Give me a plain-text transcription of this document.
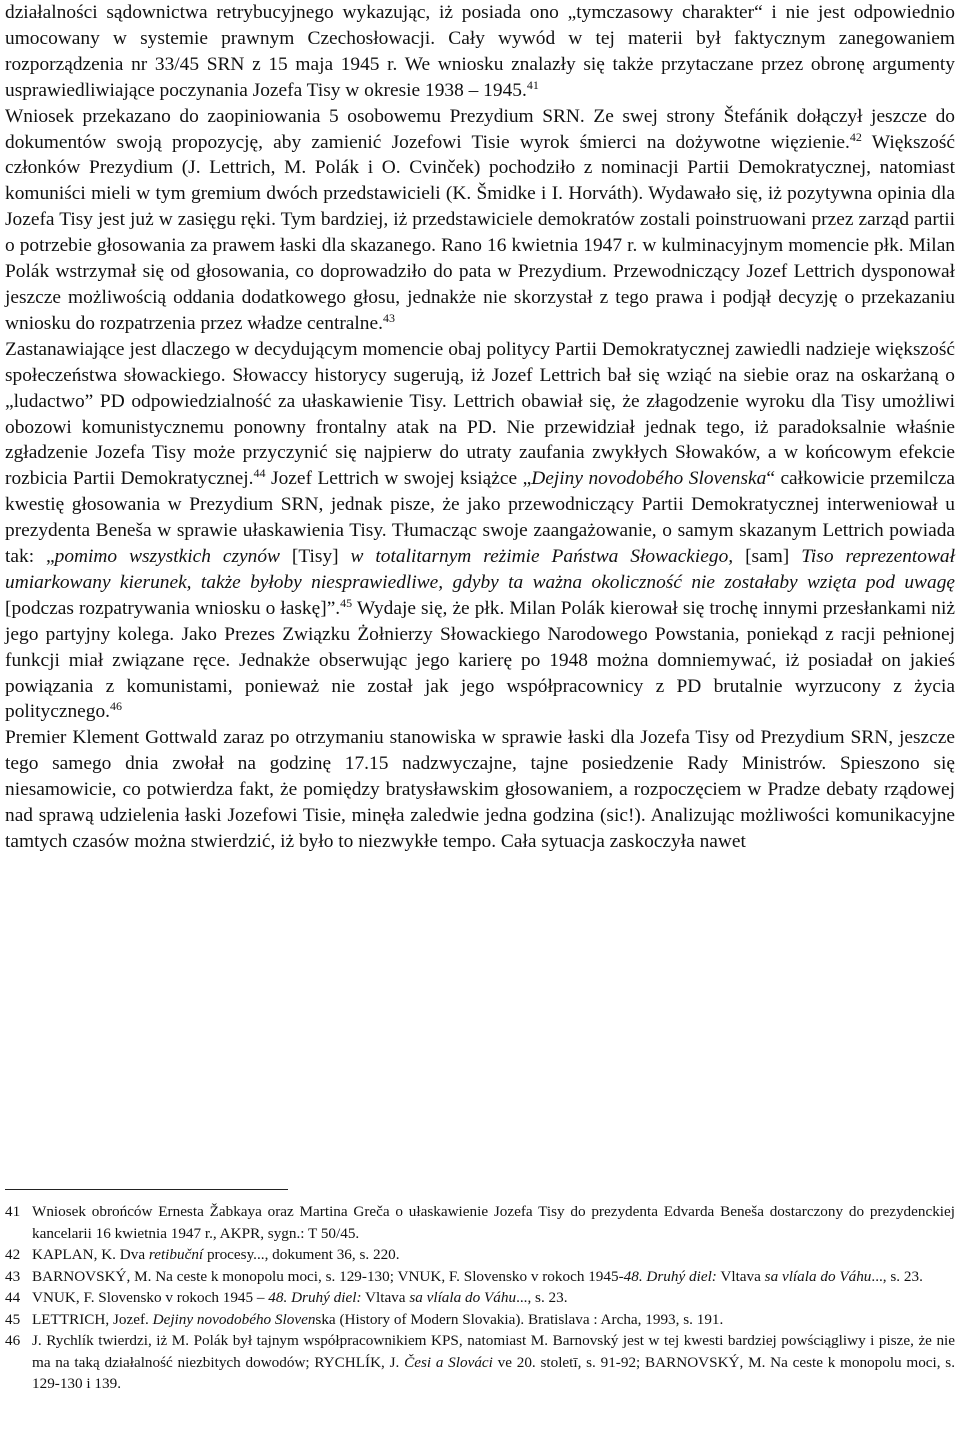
działalności sądownictwa retrybucyjnego wykazując, iż posiada ono „tymczasowy charakter“ i nie jest odpowiednio umocowany w systemie prawnym Czechosłowacji. Cały wywód w tej materii był faktycznym zanegowaniem rozporządzenia nr 33/45 SRN z 15 maja 1945 r. We wniosku znalazły się także przytaczane przez obronę argumenty usprawiedliwiające poczynania Jozefa Tisy w okresie 1938 – 1945.41

Wniosek przekazano do zaopiniowania 5 osobowemu Prezydium SRN. Ze swej strony Štefánik dołączył jeszcze do dokumentów swoją propozycję, aby zamienić Jozefowi Tisie wyrok śmierci na dożywotne więzienie.$^{42}$ Większość członków Prezydium (J. Lettrich, M. Polák i O. Cvinček) pochodziło z nominacji Partii Demokratycznej, natomiast komuniści mieli w tym gremium dwóch przedstawicieli (K. Šmidke i I. Horváth). Wydawało się, iż pozytywna opinia dla Jozefa Tisy jest już w zasięgu ręki. Tym bardziej, iż przedstawiciele demokratów zostali poinstruowani przez zarząd partii o potrzebie głosowania za prawem łaski dla skazanego. Rano 16 kwietnia 1947 r. w kulminacyjnym momencie płk. Milan Polák wstrzymał się od głosowania, co doprowadziło do pata w Prezydium. Przewodniczący Jozef Lettrich dysponował jeszcze możliwością oddania dodatkowego głosu, jednakże nie skorzystał z tego prawa i podjął decyzję o przekazaniu wniosku do rozpatrzenia przez władze centralne.$^{43}$

Zastanawiające jest dlaczego w decydującym momencie obaj politycy Partii Demokratycznej zawiedli nadzieje większość społeczeństwa słowackiego. Słowaccy historycy sugerują, iż Jozef Lettrich bał się wziąć na siebie oraz na oskarżaną o „ludactwo” PD odpowiedzialność za ułaskawienie Tisy. Lettrich obawiał się, że złagodzenie wyroku dla Tisy umożliwi obozowi komunistycznemu ponowny frontalny atak na PD. Nie przewidział jednak tego, iż paradoksalnie właśnie zgładzenie Jozefa Tisy może przyczynić się najpierw do utraty zaufania zwykłych Słowaków, a w końcowym efekcie rozbicia Partii Demokratycznej.$^{44}$ Jozef Lettrich w swojej książce „Dejiny novodobého Slovenska“ całkowicie przemilcza kwestię głosowania w Prezydium SRN, jednak pisze, że jako przewodniczący Partii Demokratycznej interweniował u prezydenta Beneša w sprawie ułaskawienia Tisy. Tłumacząc swoje zaangażowanie, o samym skazanym Lettrich powiada tak: „pomimo wszystkich czynów [Tisy] w totalitarnym reżimie Państwa Słowackiego, [sam] Tiso reprezentował umiarkowany kierunek, także byłoby niesprawiedliwe, gdyby ta ważna okoliczność nie zostałaby wzięta pod uwagę [podczas rozpatrywania wniosku o łaskę]”.$^{45}$ Wydaje się, że płk. Milan Polák kierował się trochę innymi przesłankami niż jego partyjny kolega. Jako Prezes Związku Żołnierzy Słowackiego Narodowego Powstania, poniekąd z racji pełnionej funkcji miał związane ręce. Jednakże obserwując jego karierę po 1948 można domniemywać, iż posiadał on jakieś powiązania z komunistami, ponieważ nie został jak jego współpracownicy z PD brutalnie wyrzucony z życia politycznego.$^{46}$

Premier Klement Gottwald zaraz po otrzymaniu stanowiska w sprawie łaski dla Jozefa Tisy od Prezydium SRN, jeszcze tego samego dnia zwołał na godzinę 17.15 nadzwyczajne, tajne posiedzenie Rady Ministrów. Spieszono się niesamowicie, co potwierdza fakt, że pomiędzy bratysławskim głosowaniem, a rozpoczęciem w Pradze debaty rządowej nad sprawą udzielenia łaski Jozefowi Tisie, minęła zaledwie jedna godzina (sic!). Analizując możliwości komunikacyjne tamtych czasów można stwierdzić, iż było to niezwykłe tempo. Cała sytuacja zaskoczyła nawet

41 Wniosek obrońców Ernesta Žabkaya oraz Martina Greča o ułaskawienie Jozefa Tisy do prezydenta Edvarda Beneša dostarczony do prezydenckiej kancelarii 16 kwietnia 1947 r., AKPR, sygn.: T 50/45.
42 KAPLAN, K. Dva retibuční procesy..., dokument 36, s. 220.
43 BARNOVSKÝ, M. Na ceste k monopolu moci, s. 129-130; VNUK, F. Slovensko v rokoch 1945-48. Druhý diel: Vltava sa vlíala do Váhu..., s. 23.
44 VNUK, F. Slovensko v rokoch 1945 – 48. Druhý diel: Vltava sa vlíala do Váhu..., s. 23.
45 LETTRICH, Jozef. Dejiny novodobého Slovenska (History of Modern Slovakia). Bratislava : Archa, 1993, s. 191.
46 J. Rychlík twierdzi, iż M. Polák był tajnym współpracownikiem KPS, natomiast M. Barnovský jest w tej kwesti bardziej powściągliwy i pisze, że nie ma na taką działalność niezbitych dowodów; RYCHLÍK, J. Česi a Slováci ve 20. stoletī, s. 91-92; BARNOVSKÝ, M. Na ceste k monopolu moci, s. 129-130 i 139.
